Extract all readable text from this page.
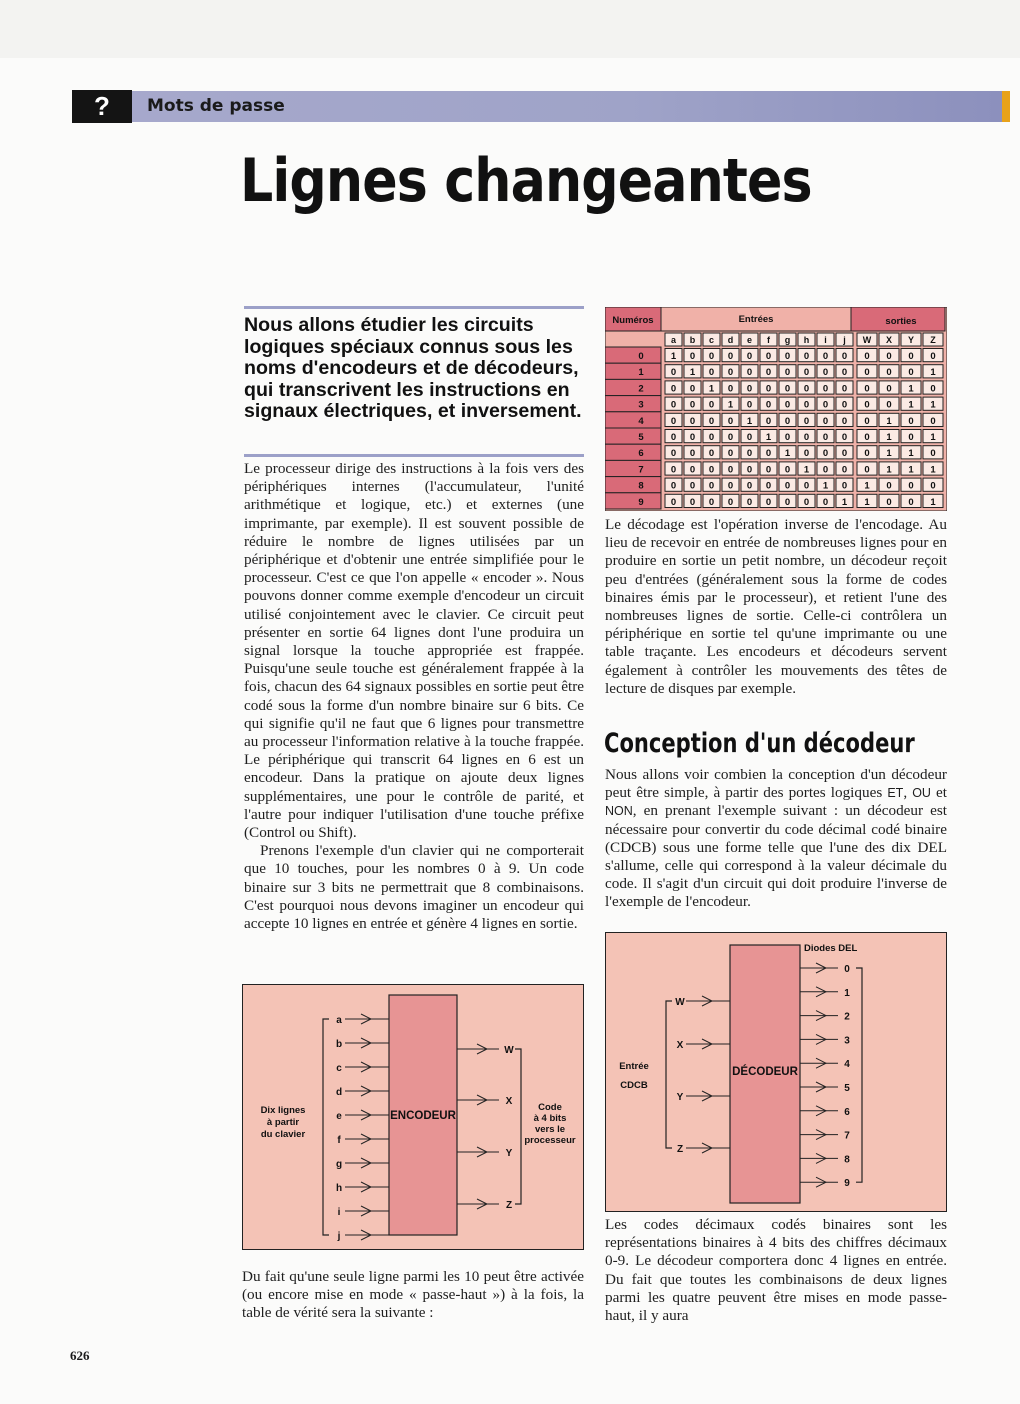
?	Mots de passe
Lignes changeantes
Nous allons étudier les circuits logiques spéciaux connus sous les noms d'encodeurs et de décodeurs, qui transcrivent les instructions en signaux électriques, et inversement.

Le processeur dirige des instructions à la fois vers des périphériques internes (l'accumulateur, l'unité arithmétique et logique, etc.) et externes (une imprimante, par exemple). Il est souvent possible de réduire le nombre de lignes utilisées par un périphérique et d'obtenir une entrée simplifiée pour le processeur. C'est ce que l'on appelle « encoder ». Nous pouvons donner comme exemple d'encodeur un circuit utilisé conjointement avec le clavier. Ce circuit peut présenter en sortie 64 lignes dont l'une produira un signal lorsque la touche appropriée est frappée. Puisqu'une seule touche est généralement frappée à la fois, chacun des 64 signaux possibles en sortie peut être codé sous la forme d'un nombre binaire sur 6 bits. Ce qui signifie qu'il ne faut que 6 lignes pour transmettre au processeur l'information relative à la touche frappée. Le périphérique qui transcrit 64 lignes en 6 est un encodeur. Dans la pratique on ajoute deux lignes supplémentaires, une pour le contrôle de parité, et l'autre pour indiquer l'utilisation d'une touche préfixe (Control ou Shift).

Prenons l'exemple d'un clavier qui ne comporterait que 10 touches, pour les nombres 0 à 9. Un code binaire sur 3 bits ne permettrait que 8 combinaisons. C'est pourquoi nous devons imaginer un encodeur qui accepte 10 lignes en entrée et génère 4 lignes en sortie.

ENCODEUR
a
b
c
d
e
f
g
h
i
j
Dix lignes
à partir
du clavier
W
X
Y
Z
Code
à 4 bits
vers le
processeur

Du fait qu'une seule ligne parmi les 10 peut être activée (ou encore mise en mode « passe-haut ») à la fois, la table de vérité sera la suivante :

Numéros	Entrées	sorties
a b c d e f g h i j W X Y Z
0	1 0 0 0 0 0 0 0 0 0 0 0 0 0
1	0 1 0 0 0 0 0 0 0 0 0 0 0 1
2	0 0 1 0 0 0 0 0 0 0 0 0 1 0
3	0 0 0 1 0 0 0 0 0 0 0 0 1 1
4	0 0 0 0 1 0 0 0 0 0 0 1 0 0
5	0 0 0 0 0 1 0 0 0 0 0 1 0 1
6	0 0 0 0 0 0 1 0 0 0 0 1 1 0
7	0 0 0 0 0 0 0 1 0 0 0 1 1 1
8	0 0 0 0 0 0 0 0 1 0 1 0 0 0
9	0 0 0 0 0 0 0 0 0 1 1 0 0 1

Le décodage est l'opération inverse de l'encodage. Au lieu de recevoir en entrée de nombreuses lignes pour en produire en sortie un petit nombre, un décodeur reçoit peu d'entrées (généralement sous la forme de codes binaires émis par le processeur), et retient l'une des nombreuses lignes de sortie. Celle-ci contrôlera un périphérique en sortie tel qu'une imprimante ou une table traçante. Les encodeurs et décodeurs servent également à contrôler les mouvements des têtes de lecture de disques par exemple.

Conception d'un décodeur

Nous allons voir combien la conception d'un décodeur peut être simple, à partir des portes logiques ET, OU et NON, en prenant l'exemple suivant : un décodeur est nécessaire pour convertir du code décimal codé binaire (CDCB) sous une forme telle que l'une des dix DEL s'allume, celle qui correspond à la valeur décimale du code. Il s'agit d'un circuit qui doit produire l'inverse de l'exemple de l'encodeur.

DÉCODEUR
Diodes DEL
W
X
Y
Z
Entrée
CDCB
0
1
2
3
4
5
6
7
8
9

Les codes décimaux codés binaires sont les représentations binaires à 4 bits des chiffres décimaux 0-9. Le décodeur comportera donc 4 lignes en entrée. Du fait que toutes les combinaisons de deux lignes parmi les quatre peuvent être mises en mode passe-haut, il y aura

626
